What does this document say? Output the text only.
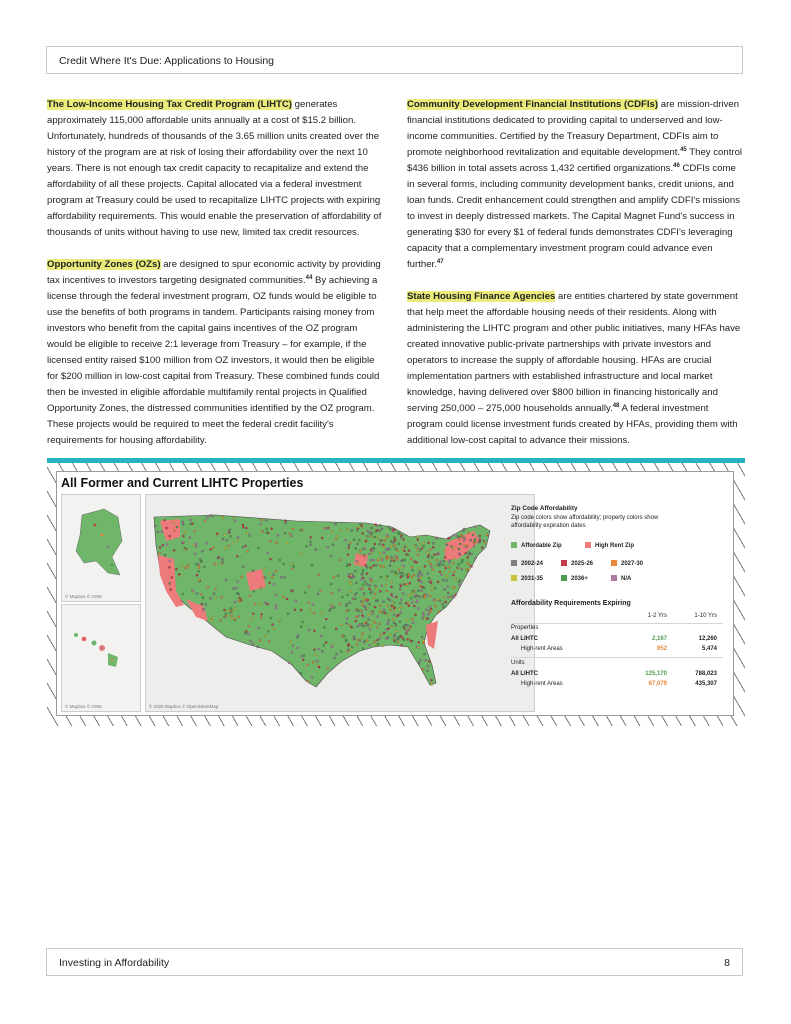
Credit Where It's Due: Applications to Housing

The Low-Income Housing Tax Credit Program (LIHTC) generates approximately 115,000 affordable units annually at a cost of $15.2 billion. Unfortunately, hundreds of thousands of the 3.65 million units created over the history of the program are at risk of losing their affordability over the next 10 years. There is not enough tax credit capacity to recapitalize and extend the affordability of all these projects. Capital allocated via a federal investment program at Treasury could be used to recapitalize LIHTC projects with expiring affordability requirements. This would enable the preservation of affordability of thousands of units without having to use new, limited tax credit resources.

Opportunity Zones (OZs) are designed to spur economic activity by providing tax incentives to investors targeting designated communities.$^{44}$ By achieving a license through the federal investment program, OZ funds would be eligible to use the benefits of both programs in tandem. Participants raising money from investors who benefit from the capital gains incentives of the OZ program would be eligible to receive 2:1 leverage from Treasury – for example, if the licensed entity raised $100 million from OZ investors, it would then be eligible for $200 million in low-cost capital from Treasury. These combined funds could then be invested in eligible affordable multifamily rental projects in Qualified Opportunity Zones, the distressed communities identified by the OZ program. These projects would be required to meet the federal credit facility's requirements for housing affordability.

Community Development Financial Institutions (CDFIs) are mission-driven financial institutions dedicated to providing capital to underserved and low-income communities. Certified by the Treasury Department, CDFIs aim to promote neighborhood revitalization and equitable development.$^{45}$ They control $436 billion in total assets across 1,432 certified organizations.$^{46}$ CDFIs come in several forms, including community development banks, credit unions, and loan funds. Credit enhancement could strengthen and amplify CDFI's missions to invest in deeply distressed markets. The Capital Magnet Fund's success in generating $30 for every $1 of federal funds demonstrates CDFI's leveraging capacity that a complementary investment program could advance even further.$^{47}$

State Housing Finance Agencies are entities chartered by state government that help meet the affordable housing needs of their residents. Along with administering the LIHTC program and other public initiatives, many HFAs have created innovative public-private partnerships with private investors and operators to increase the supply of affordable housing. HFAs are crucial implementation partners with established infrastructure and local market knowledge, having delivered over $800 billion in financing historically and serving 250,000 – 275,000 households annually.$^{48}$ A federal investment program could license investment funds created by HFAs, providing them with additional low-cost capital to advance their missions.

All Former and Current LIHTC Properties
© Mapbox © OSM
© Mapbox © OSM	© 2025 Mapbox © OpenStreetMap
Zip Code Affordability
Zip code colors show affordability; property colors show affordability expiration dates
Affordable Zip	High Rent Zip
2002-24	2025-26	2027-30
2031-35	2036+	N/A
Affordability Requirements Expiring
1-2 Yrs	1-10 Yrs
Properties
All LIHTC	2,167	12,260
High-rent Areas	952	5,474
Units
All LIHTC	125,170	788,023
High-rent Areas	67,079	435,307
Investing in Affordability	8
